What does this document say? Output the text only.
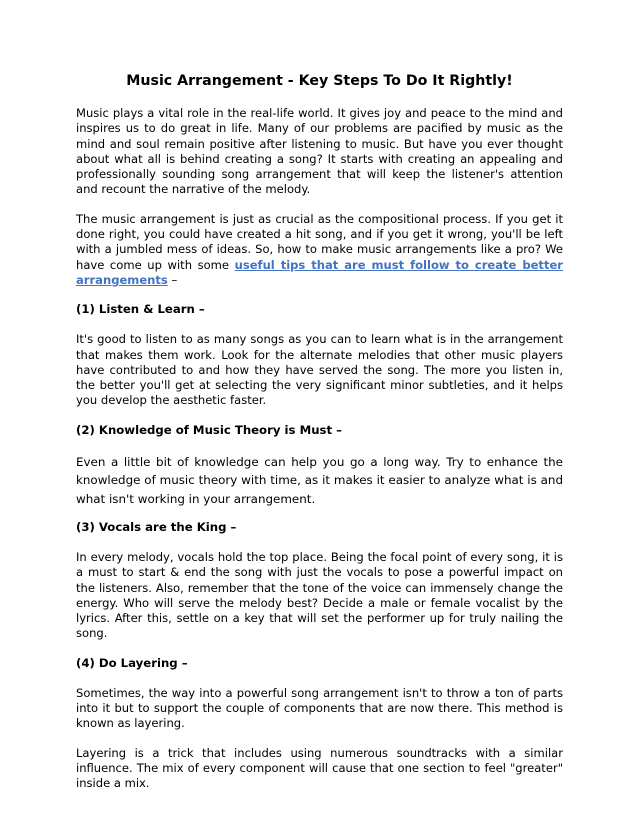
Music Arrangement - Key Steps To Do It Rightly!

Music plays a vital role in the real-life world. It gives joy and peace to the mind and inspires us to do great in life. Many of our problems are pacified by music as the mind and soul remain positive after listening to music. But have you ever thought about what all is behind creating a song? It starts with creating an appealing and professionally sounding song arrangement that will keep the listener's attention and recount the narrative of the melody.

The music arrangement is just as crucial as the compositional process. If you get it done right, you could have created a hit song, and if you get it wrong, you'll be left with a jumbled mess of ideas. So, how to make music arrangements like a pro? We have come up with some useful tips that are must follow to create better arrangements –

(1) Listen & Learn –

It's good to listen to as many songs as you can to learn what is in the arrangement that makes them work. Look for the alternate melodies that other music players have contributed to and how they have served the song. The more you listen in, the better you'll get at selecting the very significant minor subtleties, and it helps you develop the aesthetic faster.

(2) Knowledge of Music Theory is Must –

Even a little bit of knowledge can help you go a long way. Try to enhance the knowledge of music theory with time, as it makes it easier to analyze what is and what isn't working in your arrangement.

(3) Vocals are the King –

In every melody, vocals hold the top place. Being the focal point of every song, it is a must to start & end the song with just the vocals to pose a powerful impact on the listeners. Also, remember that the tone of the voice can immensely change the energy. Who will serve the melody best? Decide a male or female vocalist by the lyrics. After this, settle on a key that will set the performer up for truly nailing the song.

(4) Do Layering –

Sometimes, the way into a powerful song arrangement isn't to throw a ton of parts into it but to support the couple of components that are now there. This method is known as layering.

Layering is a trick that includes using numerous soundtracks with a similar influence. The mix of every component will cause that one section to feel "greater" inside a mix.
